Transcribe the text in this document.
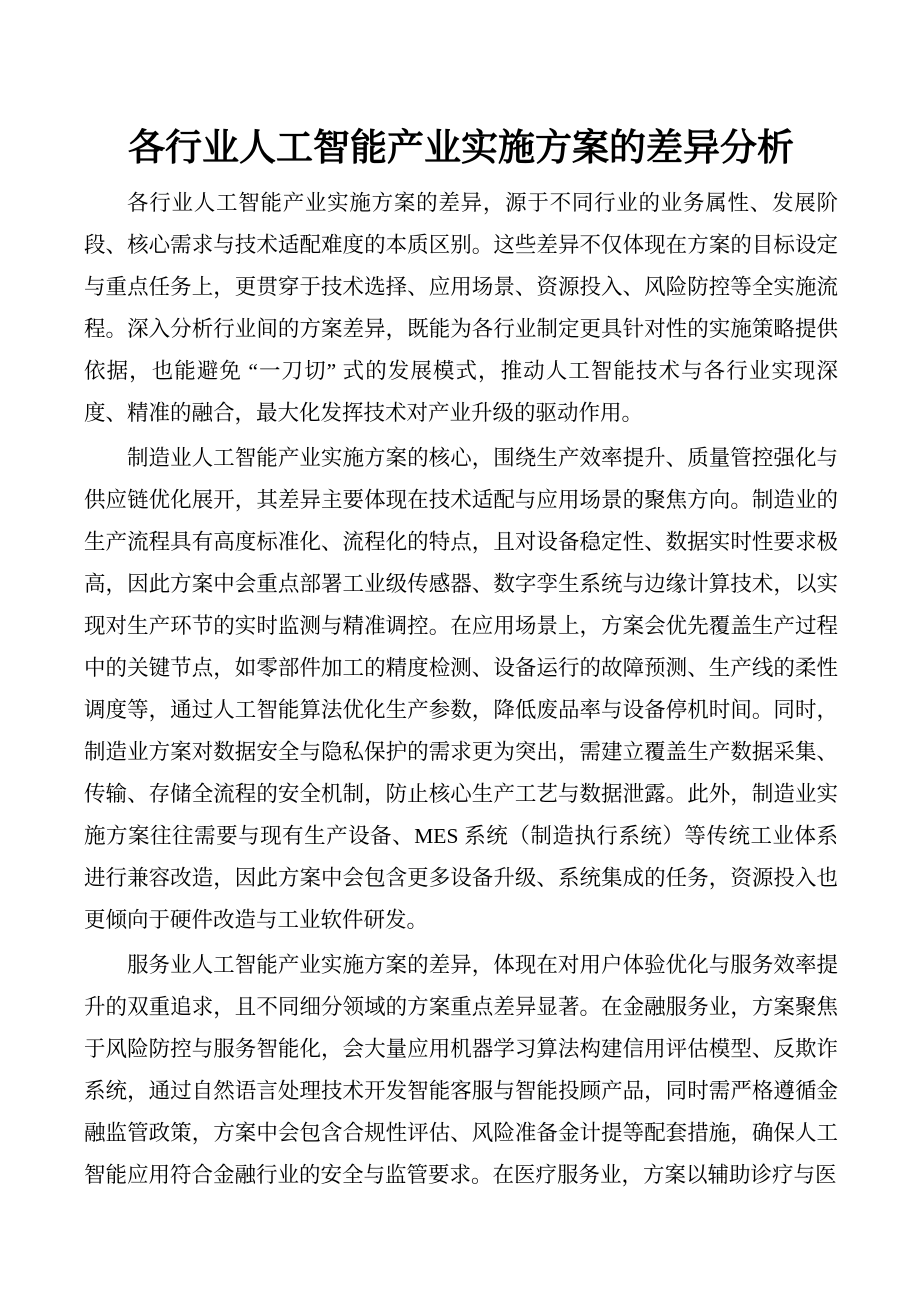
各行业人工智能产业实施方案的差异分析

各行业人工智能产业实施方案的差异，源于不同行业的业务属性、发展阶段、核心需求与技术适配难度的本质区别。这些差异不仅体现在方案的目标设定与重点任务上，更贯穿于技术选择、应用场景、资源投入、风险防控等全实施流程。深入分析行业间的方案差异，既能为各行业制定更具针对性的实施策略提供依据，也能避免 “一刀切” 式的发展模式，推动人工智能技术与各行业实现深度、精准的融合，最大化发挥技术对产业升级的驱动作用。

制造业人工智能产业实施方案的核心，围绕生产效率提升、质量管控强化与供应链优化展开，其差异主要体现在技术适配与应用场景的聚焦方向。制造业的生产流程具有高度标准化、流程化的特点，且对设备稳定性、数据实时性要求极高，因此方案中会重点部署工业级传感器、数字孪生系统与边缘计算技术，以实现对生产环节的实时监测与精准调控。在应用场景上，方案会优先覆盖生产过程中的关键节点，如零部件加工的精度检测、设备运行的故障预测、生产线的柔性调度等，通过人工智能算法优化生产参数，降低废品率与设备停机时间。同时，制造业方案对数据安全与隐私保护的需求更为突出，需建立覆盖生产数据采集、传输、存储全流程的安全机制，防止核心生产工艺与数据泄露。此外，制造业实施方案往往需要与现有生产设备、MES 系统（制造执行系统）等传统工业体系进行兼容改造，因此方案中会包含更多设备升级、系统集成的任务，资源投入也更倾向于硬件改造与工业软件研发。

服务业人工智能产业实施方案的差异，体现在对用户体验优化与服务效率提升的双重追求，且不同细分领域的方案重点差异显著。在金融服务业，方案聚焦于风险防控与服务智能化，会大量应用机器学习算法构建信用评估模型、反欺诈系统，通过自然语言处理技术开发智能客服与智能投顾产品，同时需严格遵循金融监管政策，方案中会包含合规性评估、风险准备金计提等配套措施，确保人工智能应用符合金融行业的安全与监管要求。在医疗服务业，方案以辅助诊疗与医
